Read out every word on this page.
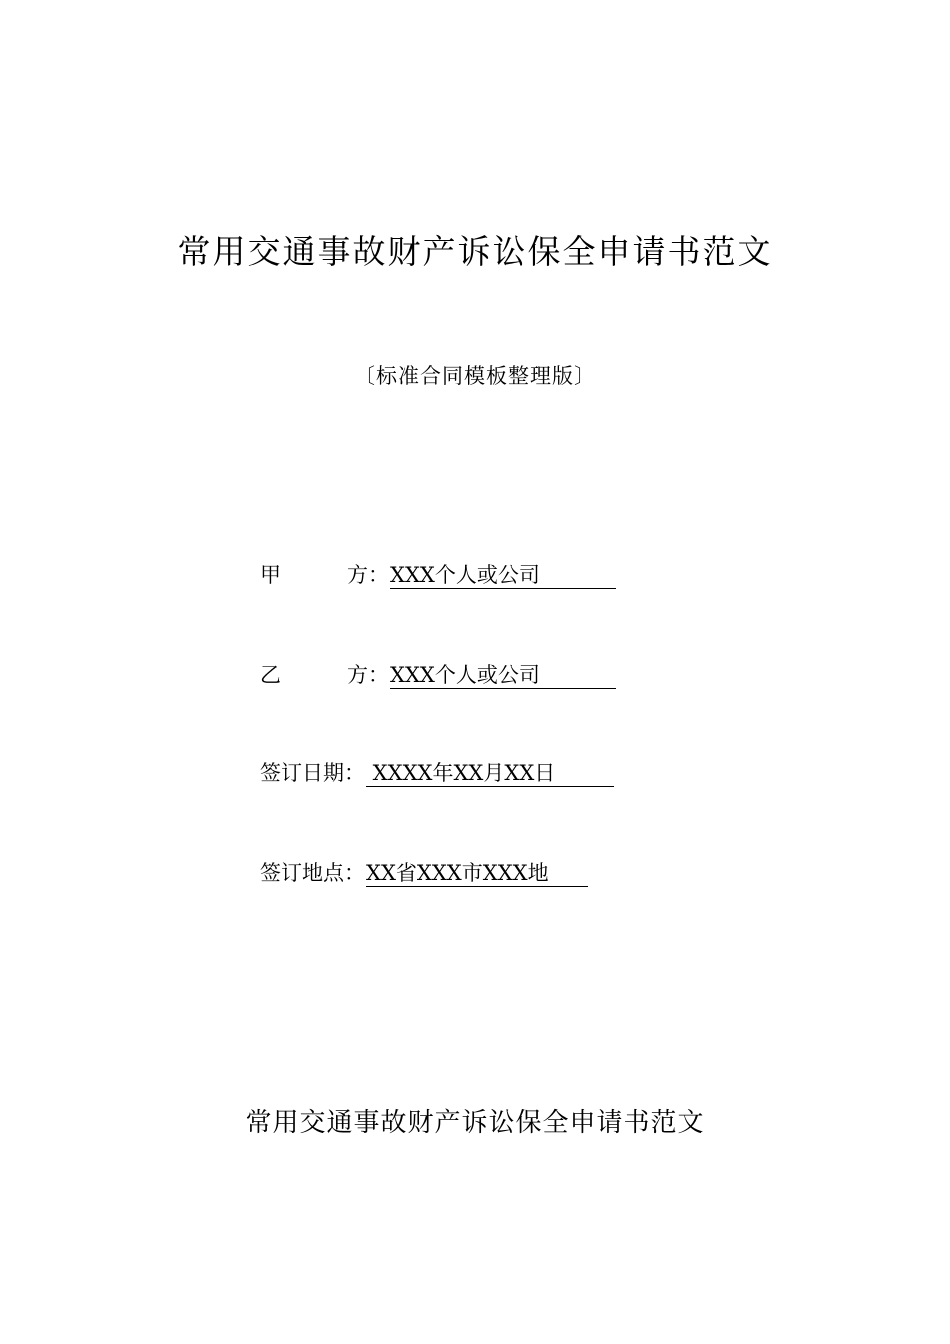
常用交通事故财产诉讼保全申请书范文
〔标准合同模板整理版〕
甲	方 ： XXX个人或公司
乙	方 ： XXX个人或公司
签订日期 ： XXXX年XX月XX日
签订地点 ： XX省XXX市XXX地
常用交通事故财产诉讼保全申请书范文
